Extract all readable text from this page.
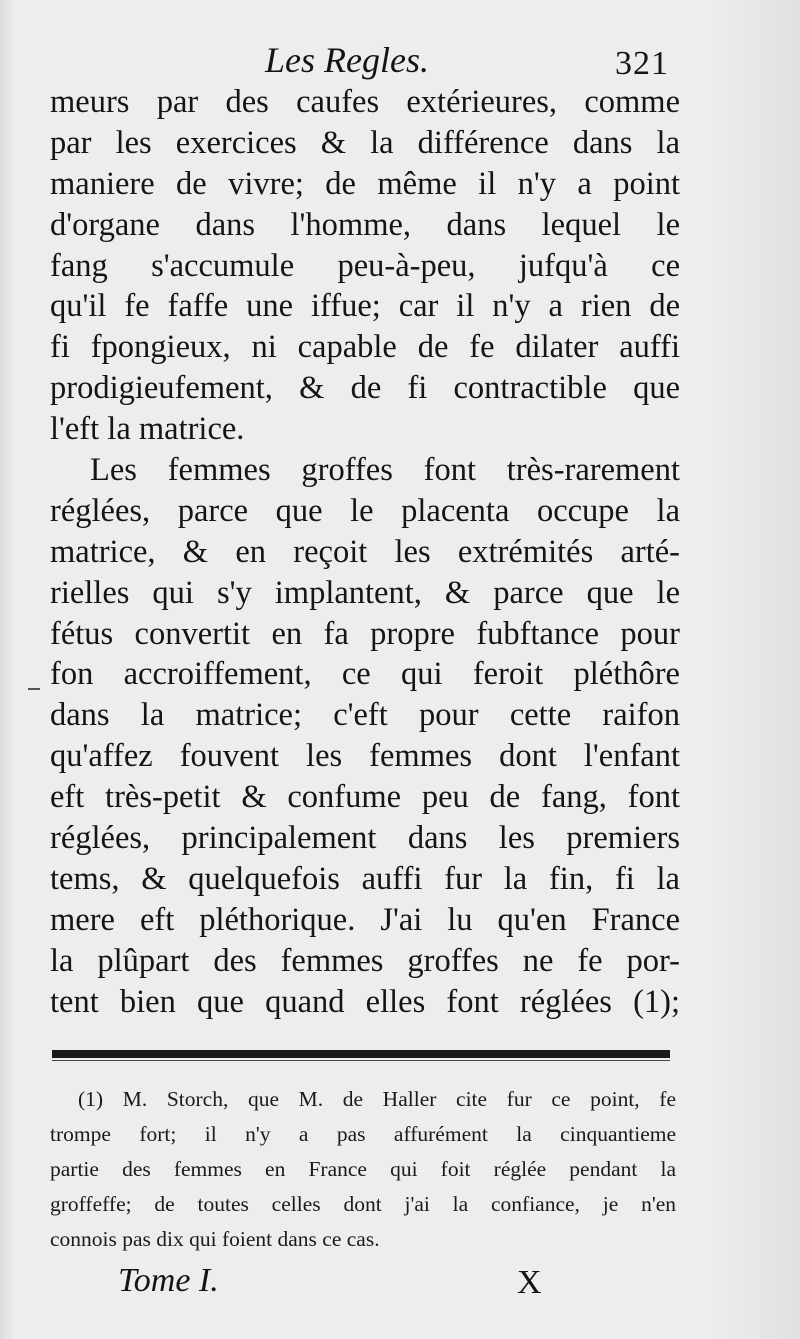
Les Regles.	321
meurs par des caufes extérieures, comme
par les exercices & la différence dans la
maniere de vivre; de même il n'y a point
d'organe dans l'homme, dans lequel le
fang s'accumule peu-à-peu, jufqu'à ce
qu'il fe faffe une iffue; car il n'y a rien de
fi fpongieux, ni capable de fe dilater auffi
prodigieufement, & de fi contractible que
l'eft la matrice.
Les femmes groffes font très-rarement
réglées, parce que le placenta occupe la
matrice, & en reçoit les extrémités arté-
rielles qui s'y implantent, & parce que le
fétus convertit en fa propre fubftance pour
fon accroiffement, ce qui feroit pléthôre
dans la matrice; c'eft pour cette raifon
qu'affez fouvent les femmes dont l'enfant
eft très-petit & confume peu de fang, font
réglées, principalement dans les premiers
tems, & quelquefois auffi fur la fin, fi la
mere eft pléthorique. J'ai lu qu'en France
la plûpart des femmes groffes ne fe por-
tent bien que quand elles font réglées (1);
(1) M. Storch, que M. de Haller cite fur ce point, fe
trompe fort; il n'y a pas affurément la cinquantieme
partie des femmes en France qui foit réglée pendant la
groffeffe; de toutes celles dont j'ai la confiance, je n'en
connois pas dix qui foient dans ce cas.
Tome I.	X
